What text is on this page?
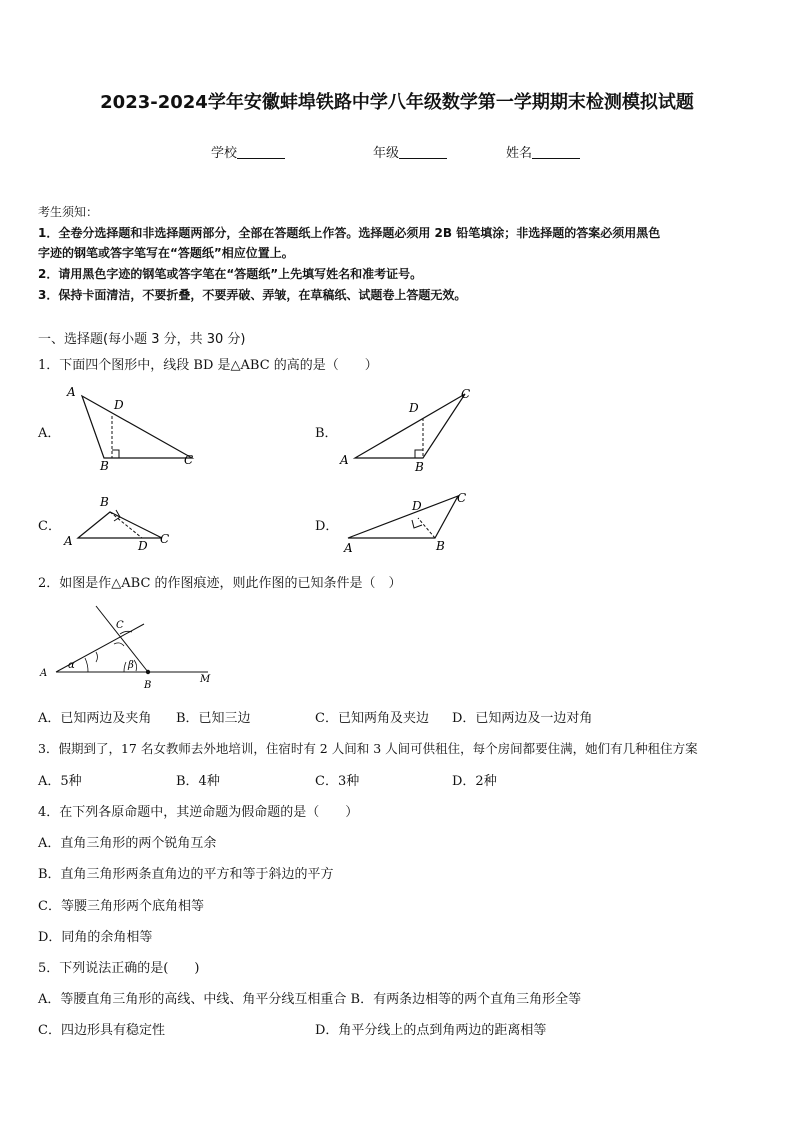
2023-2024学年安徽蚌埠铁路中学八年级数学第一学期期末检测模拟试题
学校	年级	姓名
考生须知：
1．全卷分选择题和非选择题两部分，全部在答题纸上作答。选择题必须用 2B 铅笔填涂；非选择题的答案必须用黑色
字迹的钢笔或答字笔写在“答题纸”相应位置上。
2．请用黑色字迹的钢笔或答字笔在“答题纸”上先填写姓名和准考证号。
3．保持卡面清洁，不要折叠，不要弄破、弄皱，在草稿纸、试题卷上答题无效。
一、选择题(每小题 3 分，共 30 分)
1．下面四个图形中，线段 BD 是△ABC 的高的是（　　）
A．
A
D
B	C
B．
A
D
B
C
C．
A
B
D C
D．
A
D
B
C
2．如图是作△ABC 的作图痕迹，则此作图的已知条件是（　）
A
B
C
M
α	β
A．已知两边及夹角 B．已知三边	C．已知两角及夹边 D．已知两边及一边对角
3．假期到了，17 名女教师去外地培训，住宿时有 2 人间和 3 人间可供租住，每个房间都要住满，她们有几种租住方案
A．5种	B．4种	C．3种	D．2种
4．在下列各原命题中，其逆命题为假命题的是（　　）
A．直角三角形的两个锐角互余
B．直角三角形两条直角边的平方和等于斜边的平方
C．等腰三角形两个底角相等
D．同角的余角相等
5．下列说法正确的是(　　)
A．等腰直角三角形的高线、中线、角平分线互相重合 B．有两条边相等的两个直角三角形全等
C．四边形具有稳定性	D．角平分线上的点到角两边的距离相等
